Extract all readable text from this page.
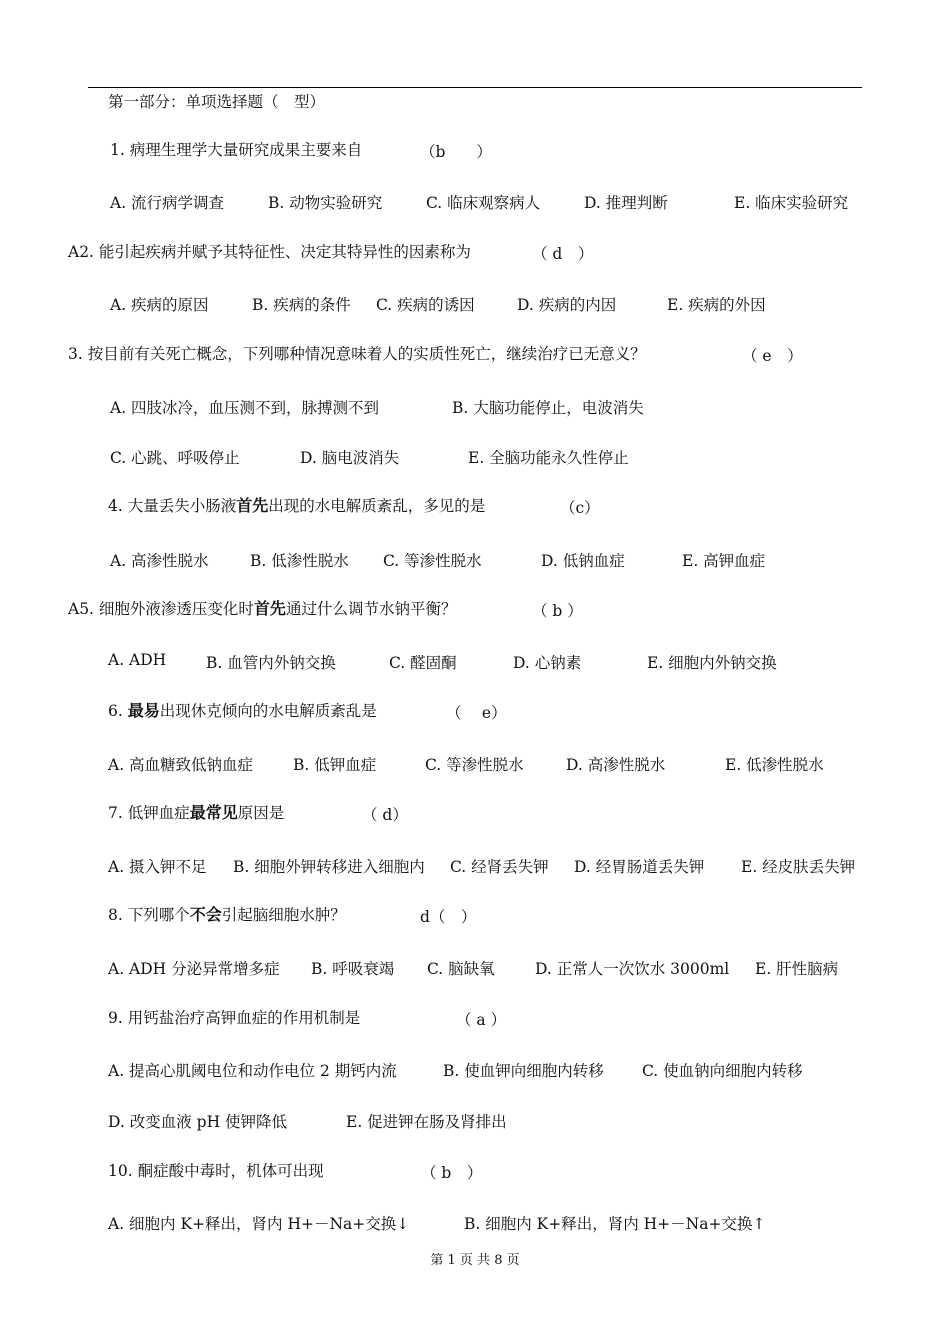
第一部分：单项选择题（　型）
1. 病理生理学大量研究成果主要来自	（b　　）
A. 流行病学调查	B. 动物实验研究	C. 临床观察病人	D. 推理判断	E. 临床实验研究
A2. 能引起疾病并赋予其特征性、决定其特异性的因素称为	（ d　）
A. 疾病的原因	B. 疾病的条件 C. 疾病的诱因	D. 疾病的内因	E. 疾病的外因
3. 按目前有关死亡概念，下列哪种情况意味着人的实质性死亡，继续治疗已无意义？	（ e　）
A. 四肢冰冷，血压测不到，脉搏测不到	B. 大脑功能停止，电波消失
C. 心跳、呼吸停止	D. 脑电波消失	E. 全脑功能永久性停止
4. 大量丢失小肠液首先出现的水电解质紊乱，多见的是	（c）
A. 高渗性脱水	B. 低渗性脱水 C. 等渗性脱水	D. 低钠血症	E. 高钾血症
A5. 细胞外液渗透压变化时首先通过什么调节水钠平衡？	（ b ）
A. ADH	B. 血管内外钠交换	C. 醛固酮	D. 心钠素	E. 细胞内外钠交换
6. 最易出现休克倾向的水电解质紊乱是	（　 e）
A. 高血糖致低钠血症	B. 低钾血症	C. 等渗性脱水	D. 高渗性脱水	E. 低渗性脱水
7. 低钾血症最常见原因是	（ d）
A. 摄入钾不足 B. 细胞外钾转移进入细胞内 C. 经肾丢失钾 D. 经胃肠道丢失钾 E. 经皮肤丢失钾
8. 下列哪个不会引起脑细胞水肿？	d（　）
A. ADH 分泌异常增多症 B. 呼吸衰竭 C. 脑缺氧	D. 正常人一次饮水 3000ml E. 肝性脑病
9. 用钙盐治疗高钾血症的作用机制是	（ a ）
A. 提高心肌阈电位和动作电位 2 期钙内流	B. 使血钾向细胞内转移 C. 使血钠向细胞内转移
D. 改变血液 pH 使钾降低	E. 促进钾在肠及肾排出
10. 酮症酸中毒时，机体可出现	（ b　）
A. 细胞内 K+释出，肾内 H+－Na+交换↓	B. 细胞内 K+释出，肾内 H+－Na+交换↑
第 1 页 共 8 页
